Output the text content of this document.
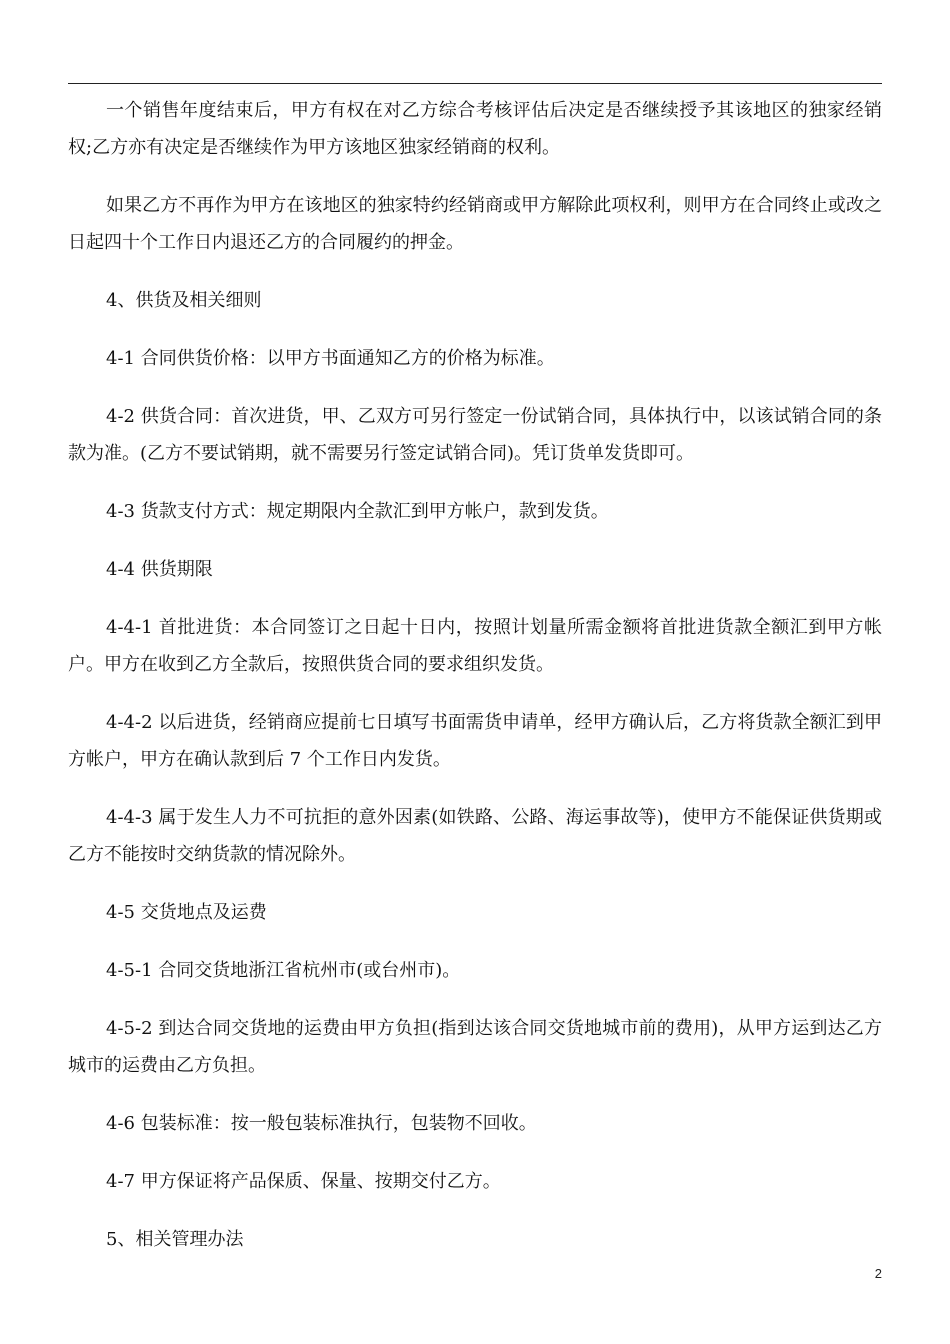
一个销售年度结束后，甲方有权在对乙方综合考核评估后决定是否继续授予其该地区的独家经销权;乙方亦有决定是否继续作为甲方该地区独家经销商的权利。

如果乙方不再作为甲方在该地区的独家特约经销商或甲方解除此项权利，则甲方在合同终止或改之日起四十个工作日内退还乙方的合同履约的押金。

4、供货及相关细则

4-1 合同供货价格：以甲方书面通知乙方的价格为标准。

4-2 供货合同：首次进货，甲、乙双方可另行签定一份试销合同，具体执行中，以该试销合同的条款为准。(乙方不要试销期，就不需要另行签定试销合同)。凭订货单发货即可。

4-3 货款支付方式：规定期限内全款汇到甲方帐户，款到发货。

4-4 供货期限

4-4-1 首批进货：本合同签订之日起十日内，按照计划量所需金额将首批进货款全额汇到甲方帐户。甲方在收到乙方全款后，按照供货合同的要求组织发货。

4-4-2 以后进货，经销商应提前七日填写书面需货申请单，经甲方确认后，乙方将货款全额汇到甲方帐户，甲方在确认款到后 7 个工作日内发货。

4-4-3 属于发生人力不可抗拒的意外因素(如铁路、公路、海运事故等)，使甲方不能保证供货期或乙方不能按时交纳货款的情况除外。

4-5 交货地点及运费

4-5-1 合同交货地浙江省杭州市(或台州市)。

4-5-2 到达合同交货地的运费由甲方负担(指到达该合同交货地城市前的费用)，从甲方运到达乙方城市的运费由乙方负担。

4-6 包装标准：按一般包装标准执行，包装物不回收。

4-7 甲方保证将产品保质、保量、按期交付乙方。

5、相关管理办法

2
